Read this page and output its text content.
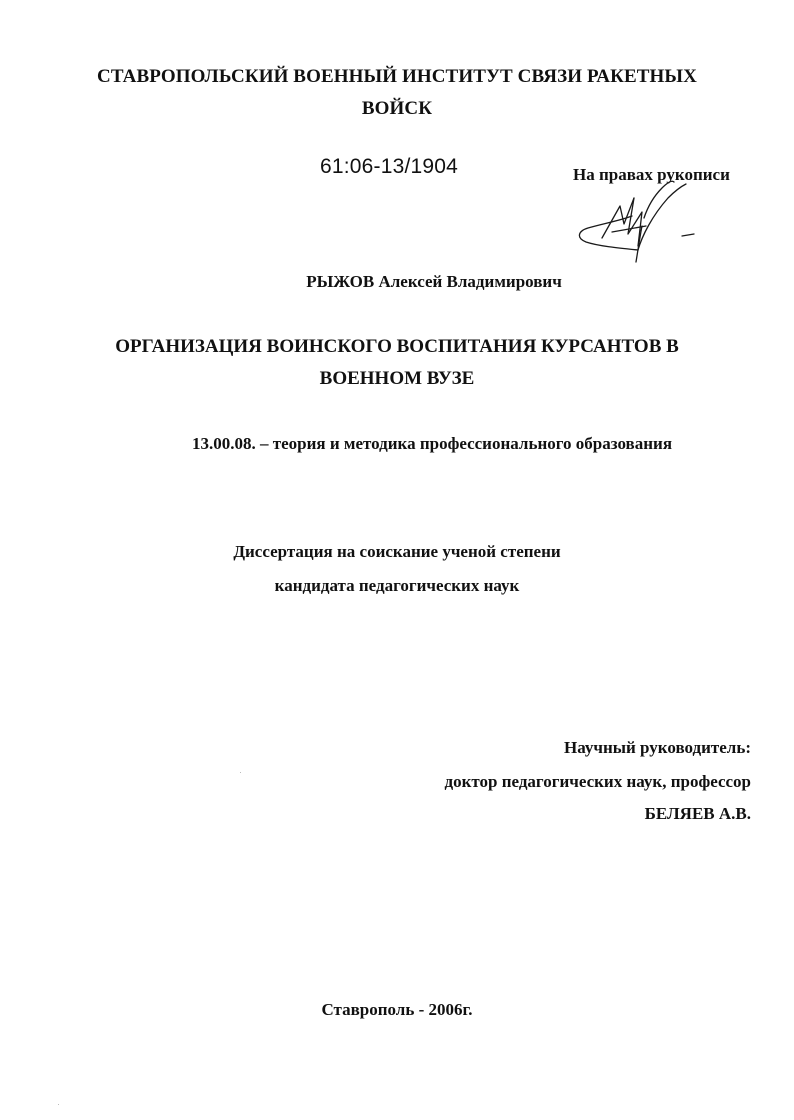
СТАВРОПОЛЬСКИЙ ВОЕННЫЙ ИНСТИТУТ СВЯЗИ РАКЕТНЫХ
ВОЙСК
61:06-13/1904	На правах рукописи
РЫЖОВ Алексей Владимирович
ОРГАНИЗАЦИЯ ВОИНСКОГО ВОСПИТАНИЯ КУРСАНТОВ В
ВОЕННОМ ВУЗЕ
13.00.08. – теория и методика профессионального образования
Диссертация на соискание ученой степени
кандидата педагогических наук
Научный руководитель:
доктор педагогических наук, профессор
БЕЛЯЕВ А.В.
Ставрополь - 2006г.
